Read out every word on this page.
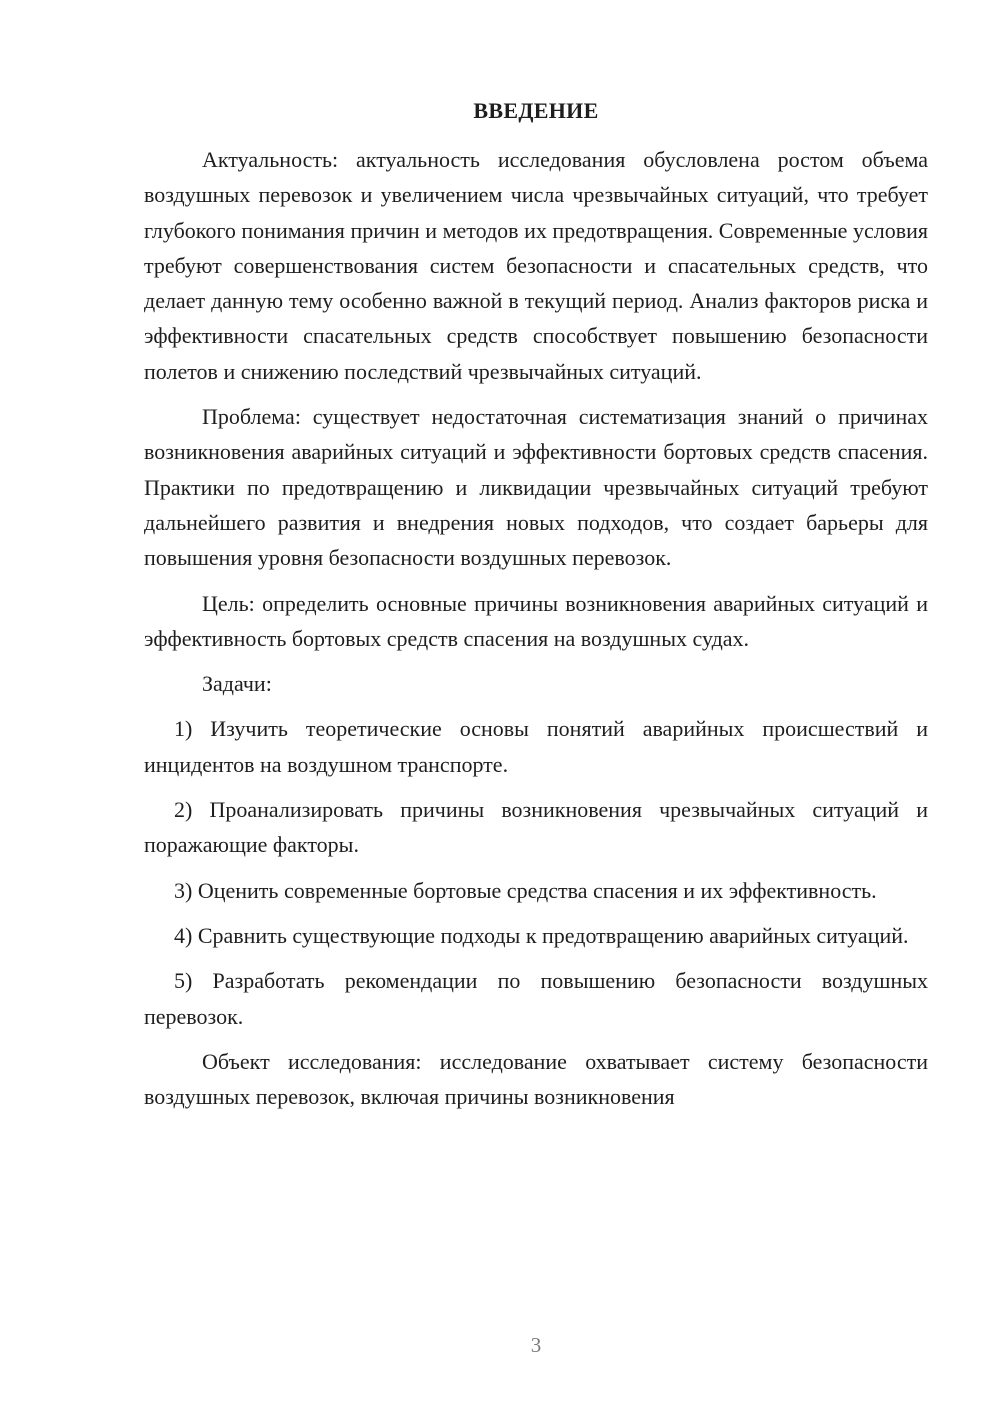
ВВЕДЕНИЕ

Актуальность: актуальность исследования обусловлена ростом объема воздушных перевозок и увеличением числа чрезвычайных ситуаций, что требует глубокого понимания причин и методов их предотвращения. Современные условия требуют совершенствования систем безопасности и спасательных средств, что делает данную тему особенно важной в текущий период. Анализ факторов риска и эффективности спасательных средств способствует повышению безопасности полетов и снижению последствий чрезвычайных ситуаций.

Проблема: существует недостаточная систематизация знаний о причинах возникновения аварийных ситуаций и эффективности бортовых средств спасения. Практики по предотвращению и ликвидации чрезвычайных ситуаций требуют дальнейшего развития и внедрения новых подходов, что создает барьеры для повышения уровня безопасности воздушных перевозок.

Цель: определить основные причины возникновения аварийных ситуаций и эффективность бортовых средств спасения на воздушных судах.

Задачи:

1) Изучить теоретические основы понятий аварийных происшествий и инцидентов на воздушном транспорте.

2) Проанализировать причины возникновения чрезвычайных ситуаций и поражающие факторы.

3) Оценить современные бортовые средства спасения и их эффективность.

4) Сравнить существующие подходы к предотвращению аварийных ситуаций.

5) Разработать рекомендации по повышению безопасности воздушных перевозок.

Объект исследования: исследование охватывает систему безопасности воздушных перевозок, включая причины возникновения

3
